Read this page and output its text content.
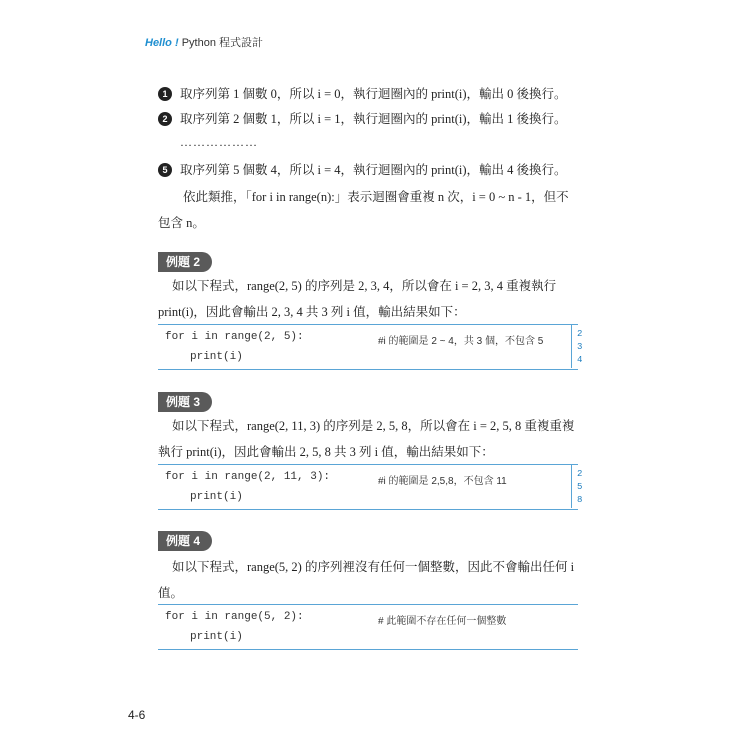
Hello ! Python 程式設計
1 取序列第 1 個數 0，所以 i = 0，執行迴圈內的 print(i)，輸出 0 後換行。
2 取序列第 2 個數 1，所以 i = 1，執行迴圈內的 print(i)，輸出 1 後換行。
………………
5 取序列第 5 個數 4，所以 i = 4，執行迴圈內的 print(i)，輸出 4 後換行。
依此類推，「for i in range(n):」表示迴圈會重複 n 次，i = 0 ~ n - 1，但不包含 n。
例題 2
如以下程式，range(2, 5) 的序列是 2, 3, 4，所以會在 i = 2, 3, 4 重複執行 print(i)，因此會輸出 2, 3, 4 共 3 列 i 值，輸出結果如下：
for i in range(2, 5):
print(i)
#i 的範圍是 2 ~ 4，共 3 個，不包含 5
2
3
4
例題 3
如以下程式，range(2, 11, 3) 的序列是 2, 5, 8，所以會在 i = 2, 5, 8 重複重複執行 print(i)，因此會輸出 2, 5, 8 共 3 列 i 值，輸出結果如下：
for i in range(2, 11, 3):
print(i)
#i 的範圍是 2,5,8，不包含 11
2
5
8
例題 4
如以下程式，range(5, 2) 的序列裡沒有任何一個整數，因此不會輸出任何 i 值。
for i in range(5, 2):
print(i)
# 此範圍不存在任何一個整數
4-6
